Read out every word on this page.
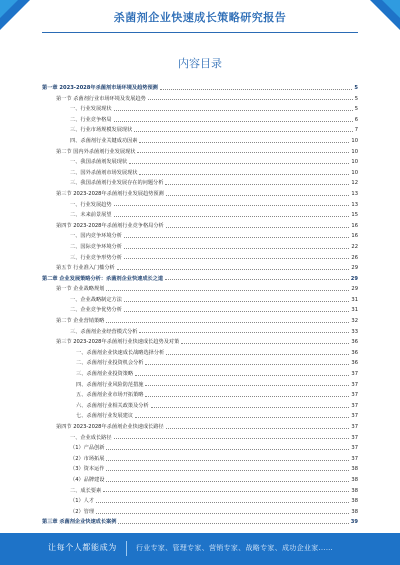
杀菌剂企业快速成长策略研究报告
内容目录
第一章 2023-2028年杀菌剂市场环境及趋势预测	5
第一节 杀菌剂行业市场环境及发展趋势	5
一、行业发展现状	5
二、行业竞争格局	6
三、行业市场规模发展现状	7
四、杀菌剂行业关键成功因素	10
第二节 国内外杀菌剂行业发展现状	10
一、我国杀菌剂发展现状	10
二、国外杀菌剂市场发展现状	10
三、我国杀菌剂行业发展存在的问题分析	12
第三节 2023-2028年杀菌剂行业发展趋势预测	13
一、行业发展趋势	13
二、未来前景展望	15
第四节 2023-2028年杀菌剂行业竞争格局分析	16
一、国内竞争环境分析	16
二、国际竞争环境分析	22
三、行业竞争形势分析	26
第五节 行业准入门槛分析	29
第二章 企业发展策略分析：杀菌剂企业快速成长之道	29
第一节 企业战略规划	29
一、企业战略制定方法	31
二、企业竞争优势分析	31
第二节 企业营销策略	32
三、杀菌剂企业经营模式分析	33
第三节 2023-2028年杀菌剂行业快速成长趋势及对策	36
一、杀菌剂企业快速成长战略选择分析	36
二、杀菌剂行业投资机会分析	36
三、杀菌剂企业投资策略	37
四、杀菌剂行业风险防范措施	37
五、杀菌剂企业市场开拓策略	37
六、杀菌剂行业相关政策及分析	37
七、杀菌剂行业发展建议	37
第四节 2023-2028年杀菌剂企业快速成长路径	37
一、企业成长路径	37
（1）产品创新	37
（2）市场拓展	37
（3）资本运作	38
（4）品牌建设	38
二、成长要素	38
（1）人才	38
（2）管理	38
第三章 杀菌剂企业快速成长案例	39
让每个人都能成为	行业专家、管理专家、营销专家、战略专家、成功企业家……
